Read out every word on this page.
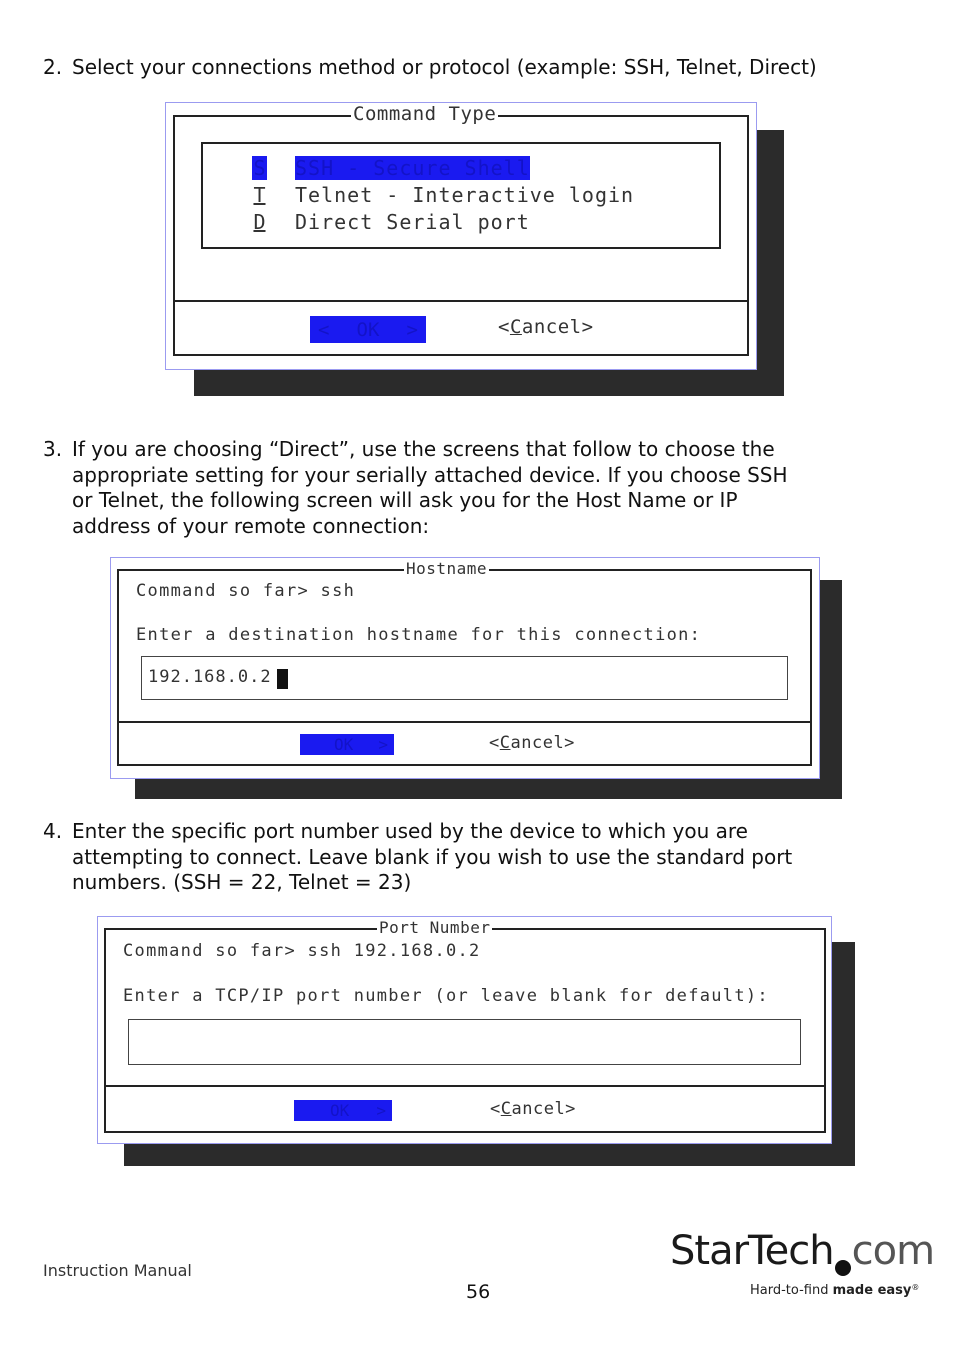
2. Select your connections method or protocol (example: SSH, Telnet, Direct)
Command Type
S SSH - Secure Shell
T Telnet - Interactive login
D Direct Serial port
< OK >	<Cancel>
3. If you are choosing “Direct”, use the screens that follow to choose the
appropriate setting for your serially attached device. If you choose SSH
or Telnet, the following screen will ask you for the Host Name or IP
address of your remote connection:
Hostname
Command so far> ssh
Enter a destination hostname for this connection:
192.168.0.2
OK >	<Cancel>
4. Enter the specific port number used by the device to which you are
attempting to connect. Leave blank if you wish to use the standard port
numbers. (SSH = 22, Telnet = 23)
Port Number
Command so far> ssh 192.168.0.2
Enter a TCP/IP port number (or leave blank for default):
OK >	<Cancel>
Instruction Manual
56
StarTech com
Hard-to-find made easy®
